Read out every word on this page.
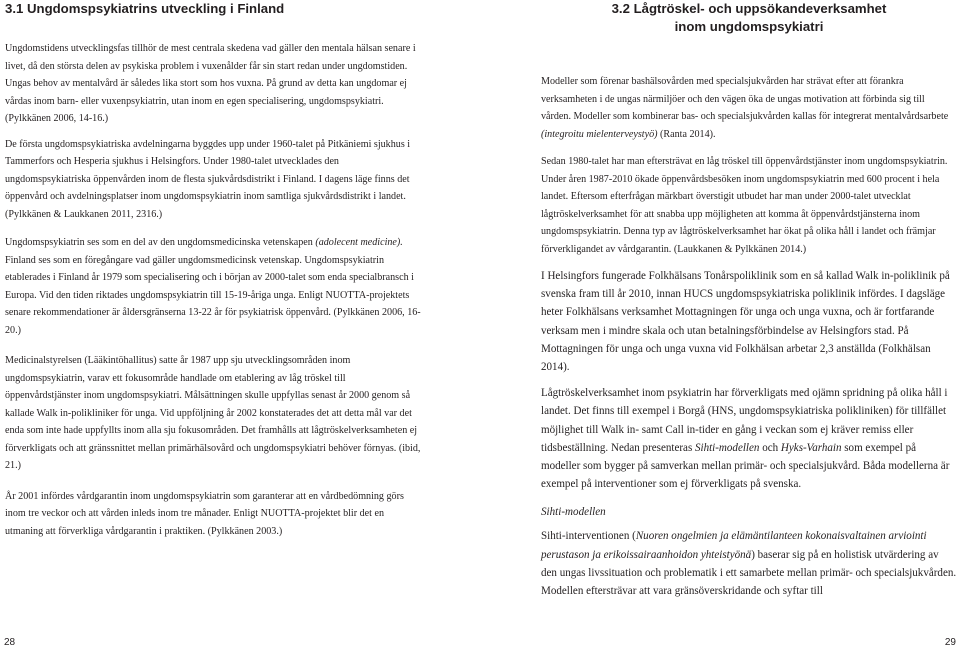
3.1 Ungdomspsykiatrins utveckling i Finland

Ungdomstidens utvecklingsfas tillhör de mest centrala skedena vad gäller den mentala hälsan senare i livet, då den största delen av psykiska problem i vuxenålder får sin start redan under ungdomstiden. Ungas behov av mentalvård är således lika stort som hos vuxna. På grund av detta kan ungdomar ej vårdas inom barn- eller vuxenpsykiatrin, utan inom en egen specialisering, ungdomspsykiatri. (Pylkkänen 2006, 14-16.)

De första ungdomspsykiatriska avdelningarna byggdes upp under 1960-talet på Pitkäniemi sjukhus i Tammerfors och Hesperia sjukhus i Helsingfors. Under 1980-talet utvecklades den ungdomspsykiatriska öppenvården inom de flesta sjukvårdsdistrikt i Finland. I dagens läge finns det öppenvård och avdelningsplatser inom ungdomspsykiatrin inom samtliga sjukvårdsdistrikt i landet. (Pylkkänen & Laukkanen 2011, 2316.)

Ungdomspsykiatrin ses som en del av den ungdomsmedicinska vetenskapen (adolecent medicine). Finland ses som en föregångare vad gäller ungdomsmedicinsk vetenskap. Ungdomspsykiatrin etablerades i Finland år 1979 som specialisering och i början av 2000-talet som enda specialbransch i Europa. Vid den tiden riktades ungdomspsykiatrin till 15-19-åriga unga. Enligt NUOTTA-projektets senare rekommendationer är åldersgränserna 13-22 år för psykiatrisk öppenvård. (Pylkkänen 2006, 16-20.)

Medicinalstyrelsen (Lääkintöhallitus) satte år 1987 upp sju utvecklingsområden inom ungdomspsykiatrin, varav ett fokusområde handlade om etablering av låg tröskel till öppenvårdstjänster inom ungdomspsykiatri. Målsättningen skulle uppfyllas senast år 2000 genom så kallade Walk in-polikliniker för unga. Vid uppföljning år 2002 konstaterades det att detta mål var det enda som inte hade uppfyllts inom alla sju fokusområden. Det framhålls att lågtröskelverksamheten ej förverkligats och att gränssnittet mellan primärhälsovård och ungdomspsykiatri behöver förnyas. (ibid, 21.)

År 2001 infördes vårdgarantin inom ungdomspsykiatrin som garanterar att en vårdbedömning görs inom tre veckor och att vården inleds inom tre månader. Enligt NUOTTA-projektet blir det en utmaning att förverkliga vårdgarantin i praktiken. (Pylkkänen 2003.)

3.2 Lågtröskel- och uppsökandeverksamhet
inom ungdomspsykiatri

Modeller som förenar bashälsovården med specialsjukvården har strävat efter att förankra verksamheten i de ungas närmiljöer och den vägen öka de ungas motivation att förbinda sig till vården. Modeller som kombinerar bas- och specialsjukvården kallas för integrerat mentalvårdsarbete (integroitu mielenterveystyö) (Ranta 2014).

Sedan 1980-talet har man eftersträvat en låg tröskel till öppenvårdstjänster inom ungdomspsykiatrin. Under åren 1987-2010 ökade öppenvårdsbesöken inom ungdomspsykiatrin med 600 procent i hela landet. Eftersom efterfrågan märkbart överstigit utbudet har man under 2000-talet utvecklat lågtröskelverksamhet för att snabba upp möjligheten att komma åt öppenvårdstjänsterna inom ungdomspsykiatrin. Denna typ av lågtröskelverksamhet har ökat på olika håll i landet och främjar förverkligandet av vårdgarantin. (Laukkanen & Pylkkänen 2014.)

I Helsingfors fungerade Folkhälsans Tonårspoliklinik som en så kallad Walk in-poliklinik på svenska fram till år 2010, innan HUCS ungdomspsykiatriska poliklinik infördes. I dagsläge heter Folkhälsans verksamhet Mottagningen för unga och unga vuxna, och är fortfarande verksam men i mindre skala och utan betalningsförbindelse av Helsingfors stad. På Mottagningen för unga och unga vuxna vid Folkhälsan arbetar 2,3 anställda (Folkhälsan 2014).

Lågtröskelverksamhet inom psykiatrin har förverkligats med ojämn spridning på olika håll i landet. Det finns till exempel i Borgå (HNS, ungdomspsykiatriska polikliniken) för tillfället möjlighet till Walk in- samt Call in-tider en gång i veckan som ej kräver remiss eller tidsbeställning. Nedan presenteras Sihti-modellen och Hyks-Varhain som exempel på modeller som bygger på samverkan mellan primär- och specialsjukvård. Båda modellerna är exempel på interventioner som ej förverkligats på svenska.

Sihti-modellen

Sihti-interventionen (Nuoren ongelmien ja elämäntilanteen kokonaisvaltainen arviointi perustason ja erikoissairaanhoidon yhteistyönä) baserar sig på en holistisk utvärdering av den ungas livssituation och problematik i ett samarbete mellan primär- och specialsjukvården. Modellen eftersträvar att vara gränsöverskridande och syftar till

28	29
